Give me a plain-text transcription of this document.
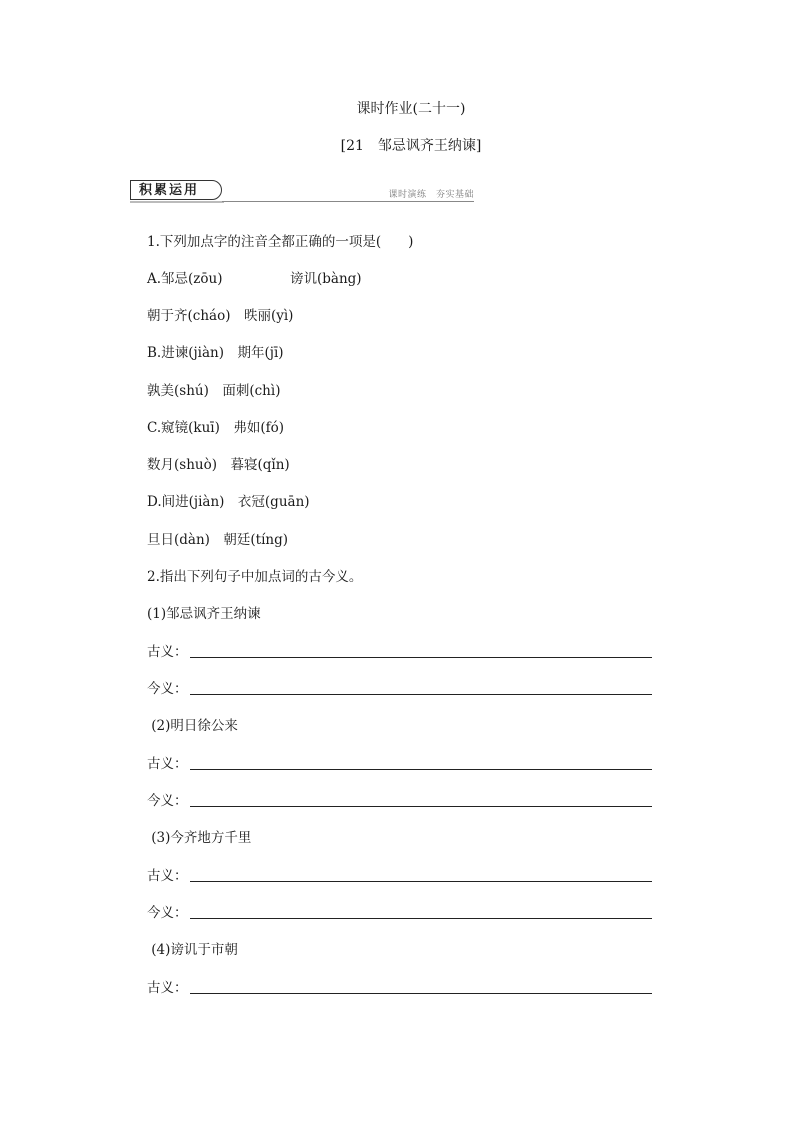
课时作业(二十一)
[21　邹忌讽齐王纳谏]
积累运用	课时演练　夯实基础
1.下列加点字的注音全都正确的一项是(　　)
A.邹忌(zōu)　　　　　谤讥(bàng)
朝于齐(cháo)　昳丽(yì)
B.进谏(jiàn)　期年(jī)
孰美(shú)　面刺(chì)
C.窥镜(kuī)　弗如(fó)
数月(shuò)　暮寝(qǐn)
D.间进(jiàn)　衣冠(guān)
旦日(dàn)　朝廷(tíng)
2.指出下列句子中加点词的古今义。
(1)邹忌讽齐王纳谏
古义：
今义：
(2)明日徐公来
古义：
今义：
(3)今齐地方千里
古义：
今义：
(4)谤讥于市朝
古义：
